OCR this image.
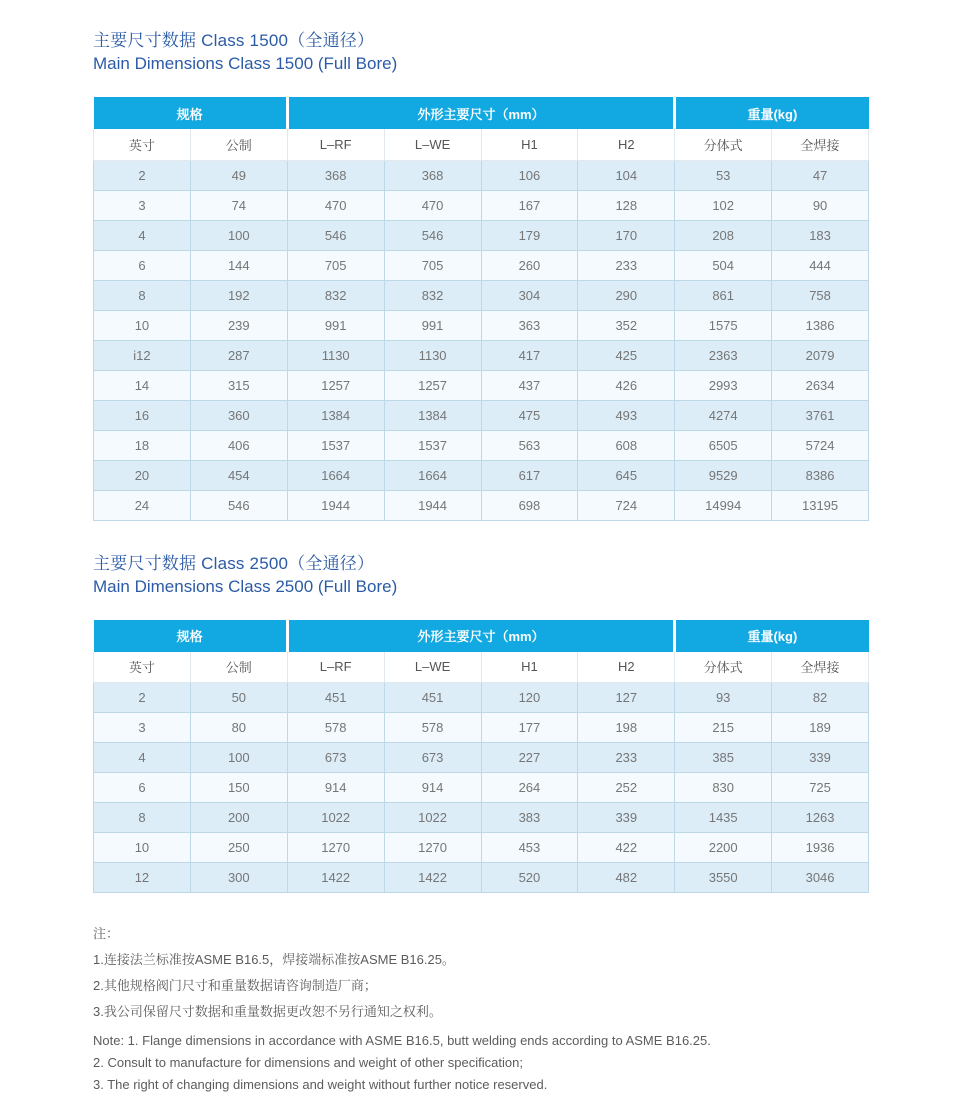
主要尺寸数据 Class 1500（全通径）
Main Dimensions Class 1500 (Full Bore)
规格		外形主要尺寸（mm）				重量(kg)	
英寸	公制	L–RF	L–WE	H1	H2	分体式	全焊接
2	49	368	368	106	104	53	47
3	74	470	470	167	128	102	90
4	100	546	546	179	170	208	183
6	144	705	705	260	233	504	444
8	192	832	832	304	290	861	758
10	239	991	991	363	352	1575	1386
i12	287	1130	1130	417	425	2363	2079
14	315	1257	1257	437	426	2993	2634
16	360	1384	1384	475	493	4274	3761
18	406	1537	1537	563	608	6505	5724
20	454	1664	1664	617	645	9529	8386
24	546	1944	1944	698	724	14994	13195
主要尺寸数据 Class 2500（全通径）
Main Dimensions Class 2500 (Full Bore)
规格		外形主要尺寸（mm）				重量(kg)	
英寸	公制	L–RF	L–WE	H1	H2	分体式	全焊接
2	50	451	451	120	127	93	82
3	80	578	578	177	198	215	189
4	100	673	673	227	233	385	339
6	150	914	914	264	252	830	725
8	200	1022	1022	383	339	1435	1263
10	250	1270	1270	453	422	2200	1936
12	300	1422	1422	520	482	3550	3046

注：

1.连接法兰标准按ASME B16.5，焊接端标准按ASME B16.25。

2.其他规格阀门尺寸和重量数据请咨询制造厂商；

3.我公司保留尺寸数据和重量数据更改恕不另行通知之权利。

Note: 1. Flange dimensions in accordance with ASME B16.5, butt welding ends according to ASME B16.25.

2. Consult to manufacture for dimensions and weight of other specification;

3. The right of changing dimensions and weight without further notice reserved.
